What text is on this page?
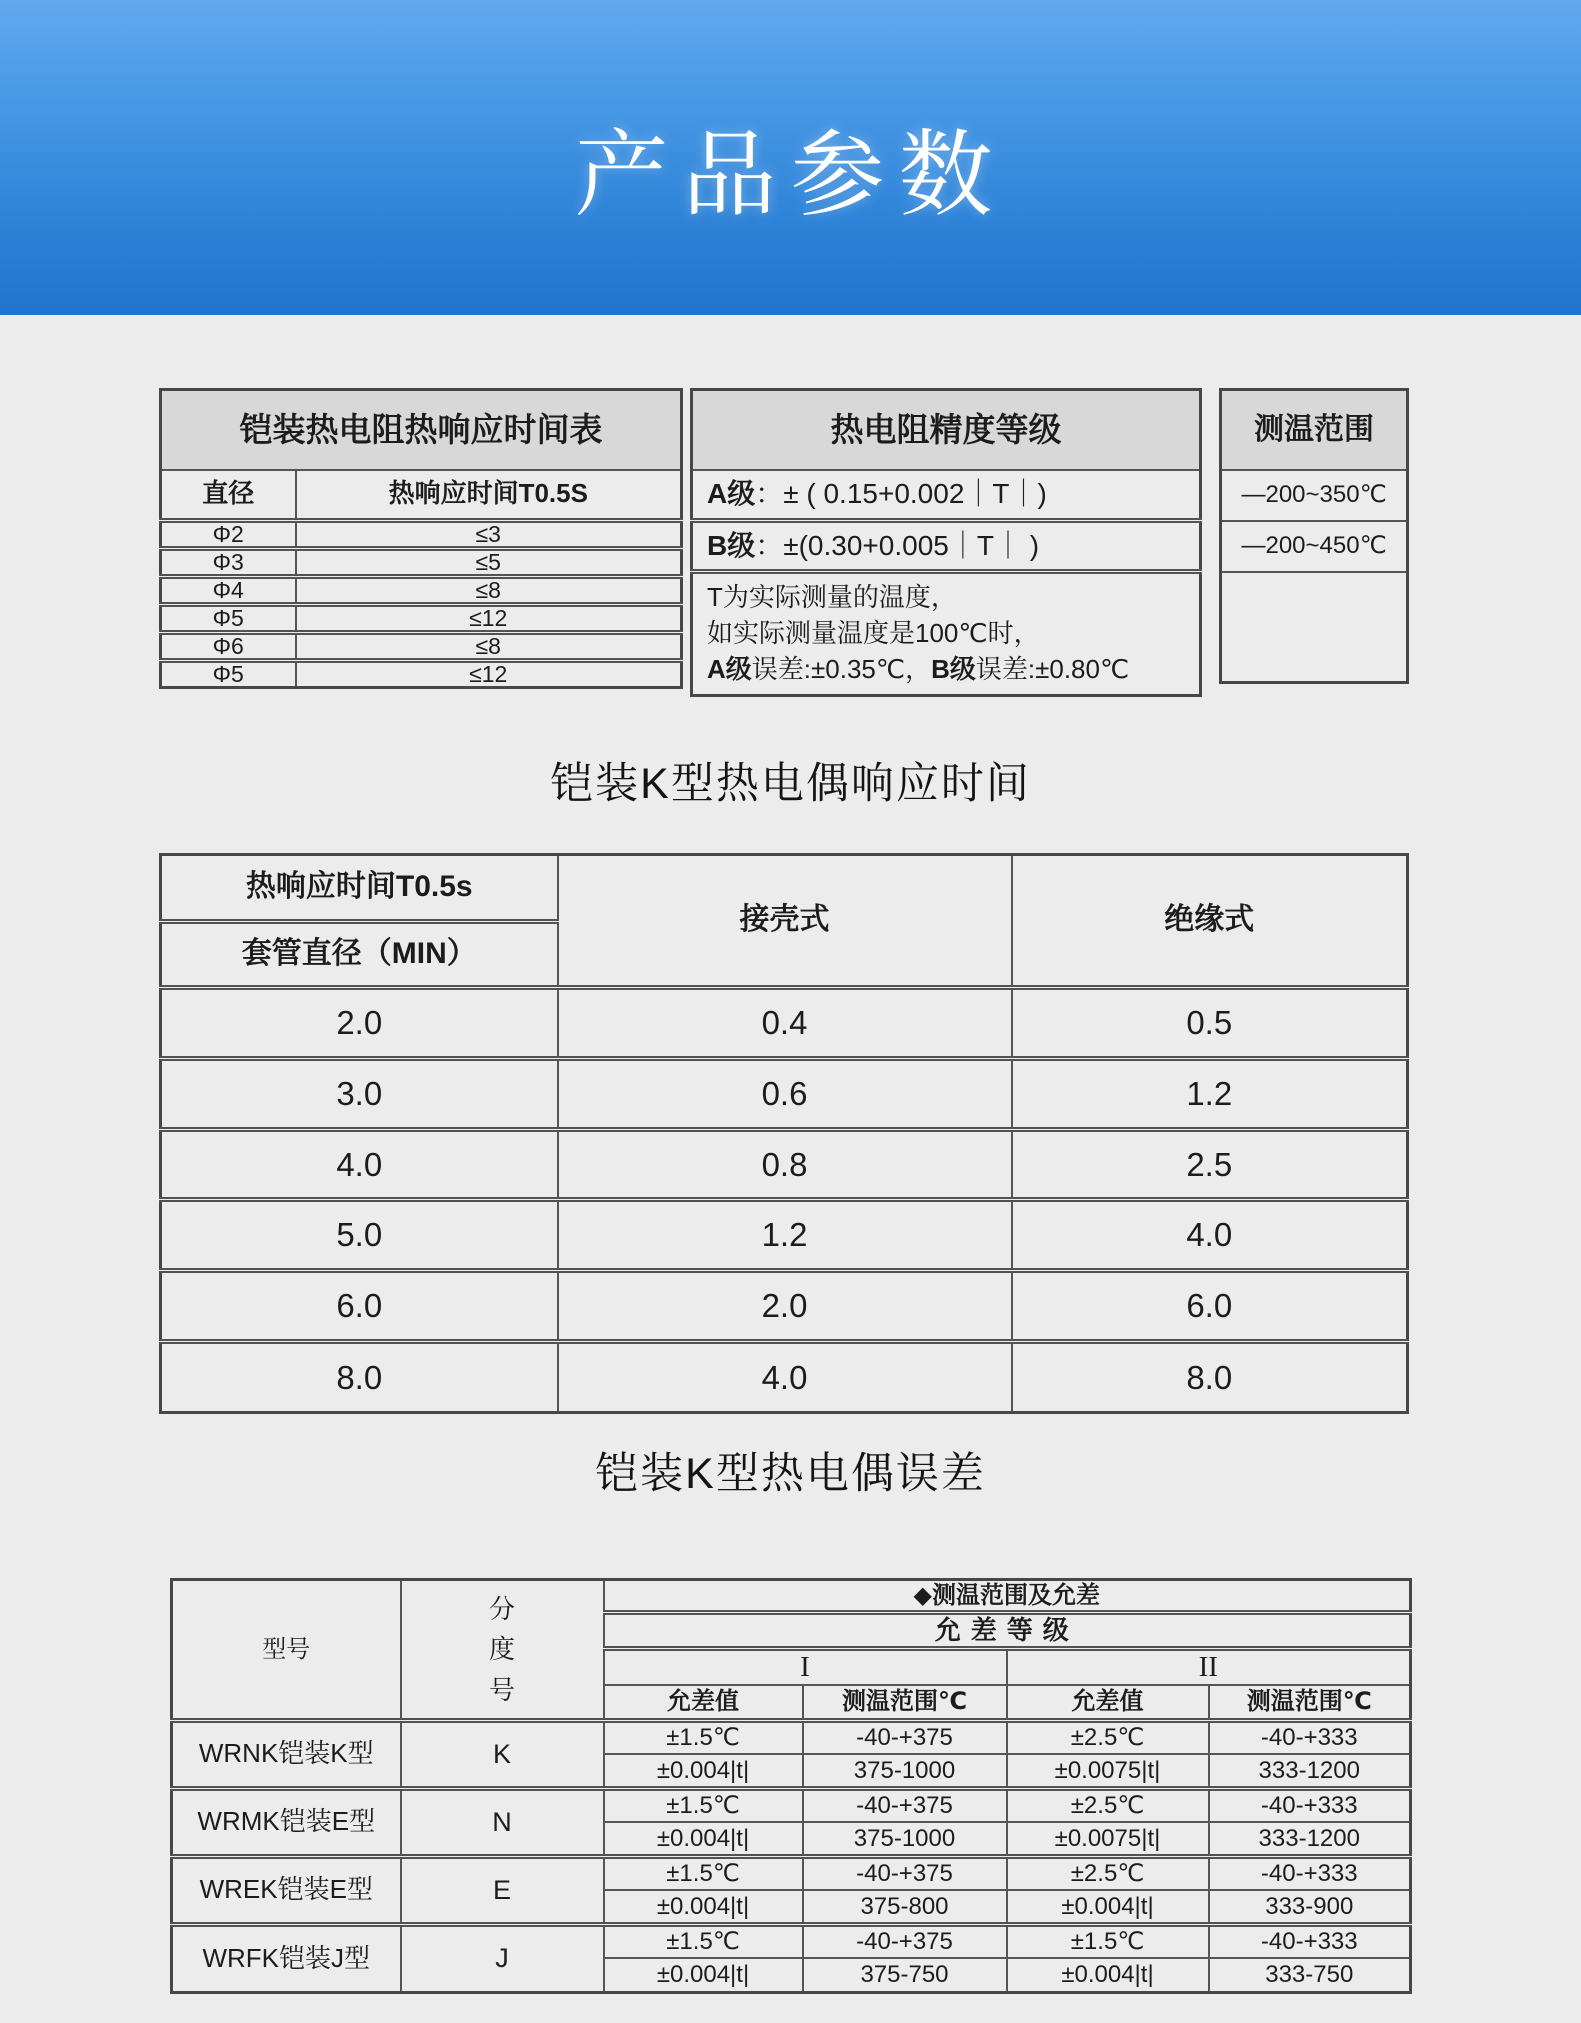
产品参数
铠装热电阻热响应时间表	
直径	热响应时间T0.5S
Φ2	≤3
Φ3	≤5
Φ4	≤8
Φ5	≤12
Φ6	≤8
Φ5	≤12
热电阻精度等级
A级：± ( 0.15+0.002｜T｜)
B级：±(0.30+0.005｜T｜ )

T为实际测量的温度，
如实际测量温度是100℃时，
A级误差:±0.35℃，B级误差:±0.80℃
测温范围
—200~350℃
—200~450℃

铠装K型热电偶响应时间
热响应时间T0.5s	接壳式	绝缘式
套管直径（MIN）		
2.0	0.4	0.5
3.0	0.6	1.2
4.0	0.8	2.5
5.0	1.2	4.0
6.0	2.0	6.0
8.0	4.0	8.0
铠装K型热电偶误差
型号	分度号	◆测温范围及允差			
		允差等级			
		I		II	
		允差值	测温范围℃	允差值	测温范围℃
WRNK铠装K型	K	±1.5℃	-40-+375	±2.5℃	-40-+333
		±0.004|t|	375-1000	±0.0075|t|	333-1200
WRMK铠装E型	N	±1.5℃	-40-+375	±2.5℃	-40-+333
		±0.004|t|	375-1000	±0.0075|t|	333-1200
WREK铠装E型	E	±1.5℃	-40-+375	±2.5℃	-40-+333
		±0.004|t|	375-800	±0.004|t|	333-900
WRFK铠装J型	J	±1.5℃	-40-+375	±1.5℃	-40-+333
		±0.004|t|	375-750	±0.004|t|	333-750
